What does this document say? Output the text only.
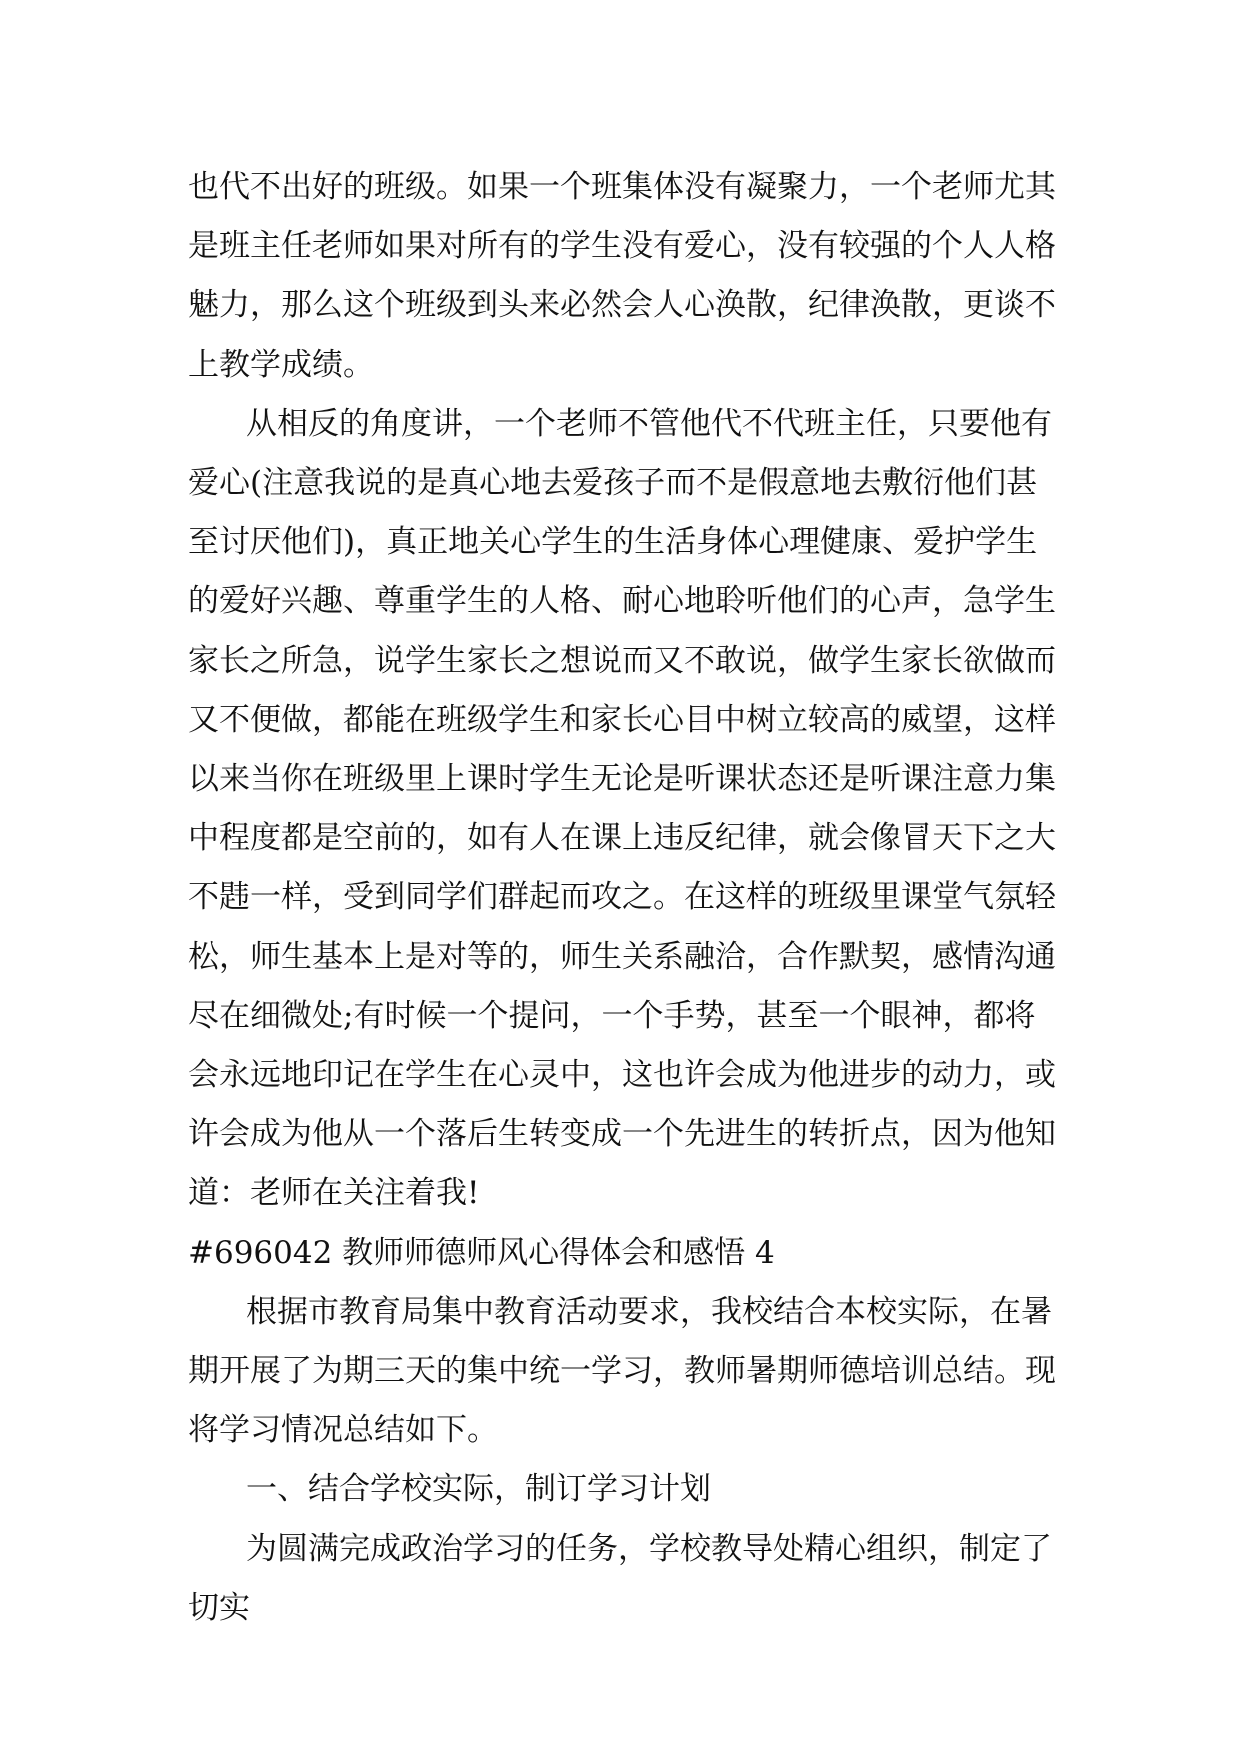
也代不出好的班级。如果一个班集体没有凝聚力，一个老师尤其是班主任老师如果对所有的学生没有爱心，没有较强的个人人格魅力，那么这个班级到头来必然会人心涣散，纪律涣散，更谈不上教学成绩。

从相反的角度讲，一个老师不管他代不代班主任，只要他有爱心(注意我说的是真心地去爱孩子而不是假意地去敷衍他们甚至讨厌他们)，真正地关心学生的生活身体心理健康、爱护学生的爱好兴趣、尊重学生的人格、耐心地聆听他们的心声，急学生家长之所急，说学生家长之想说而又不敢说，做学生家长欲做而又不便做，都能在班级学生和家长心目中树立较高的威望，这样以来当你在班级里上课时学生无论是听课状态还是听课注意力集中程度都是空前的，如有人在课上违反纪律，就会像冒天下之大不韪一样，受到同学们群起而攻之。在这样的班级里课堂气氛轻松，师生基本上是对等的，师生关系融洽，合作默契，感情沟通尽在细微处;有时候一个提问，一个手势，甚至一个眼神，都将会永远地印记在学生在心灵中，这也许会成为他进步的动力，或许会成为他从一个落后生转变成一个先进生的转折点，因为他知道：老师在关注着我!

#696042 教师师德师风心得体会和感悟 4

根据市教育局集中教育活动要求，我校结合本校实际，在暑期开展了为期三天的集中统一学习，教师暑期师德培训总结。现将学习情况总结如下。

一、结合学校实际，制订学习计划

为圆满完成政治学习的任务，学校教导处精心组织，制定了切实
